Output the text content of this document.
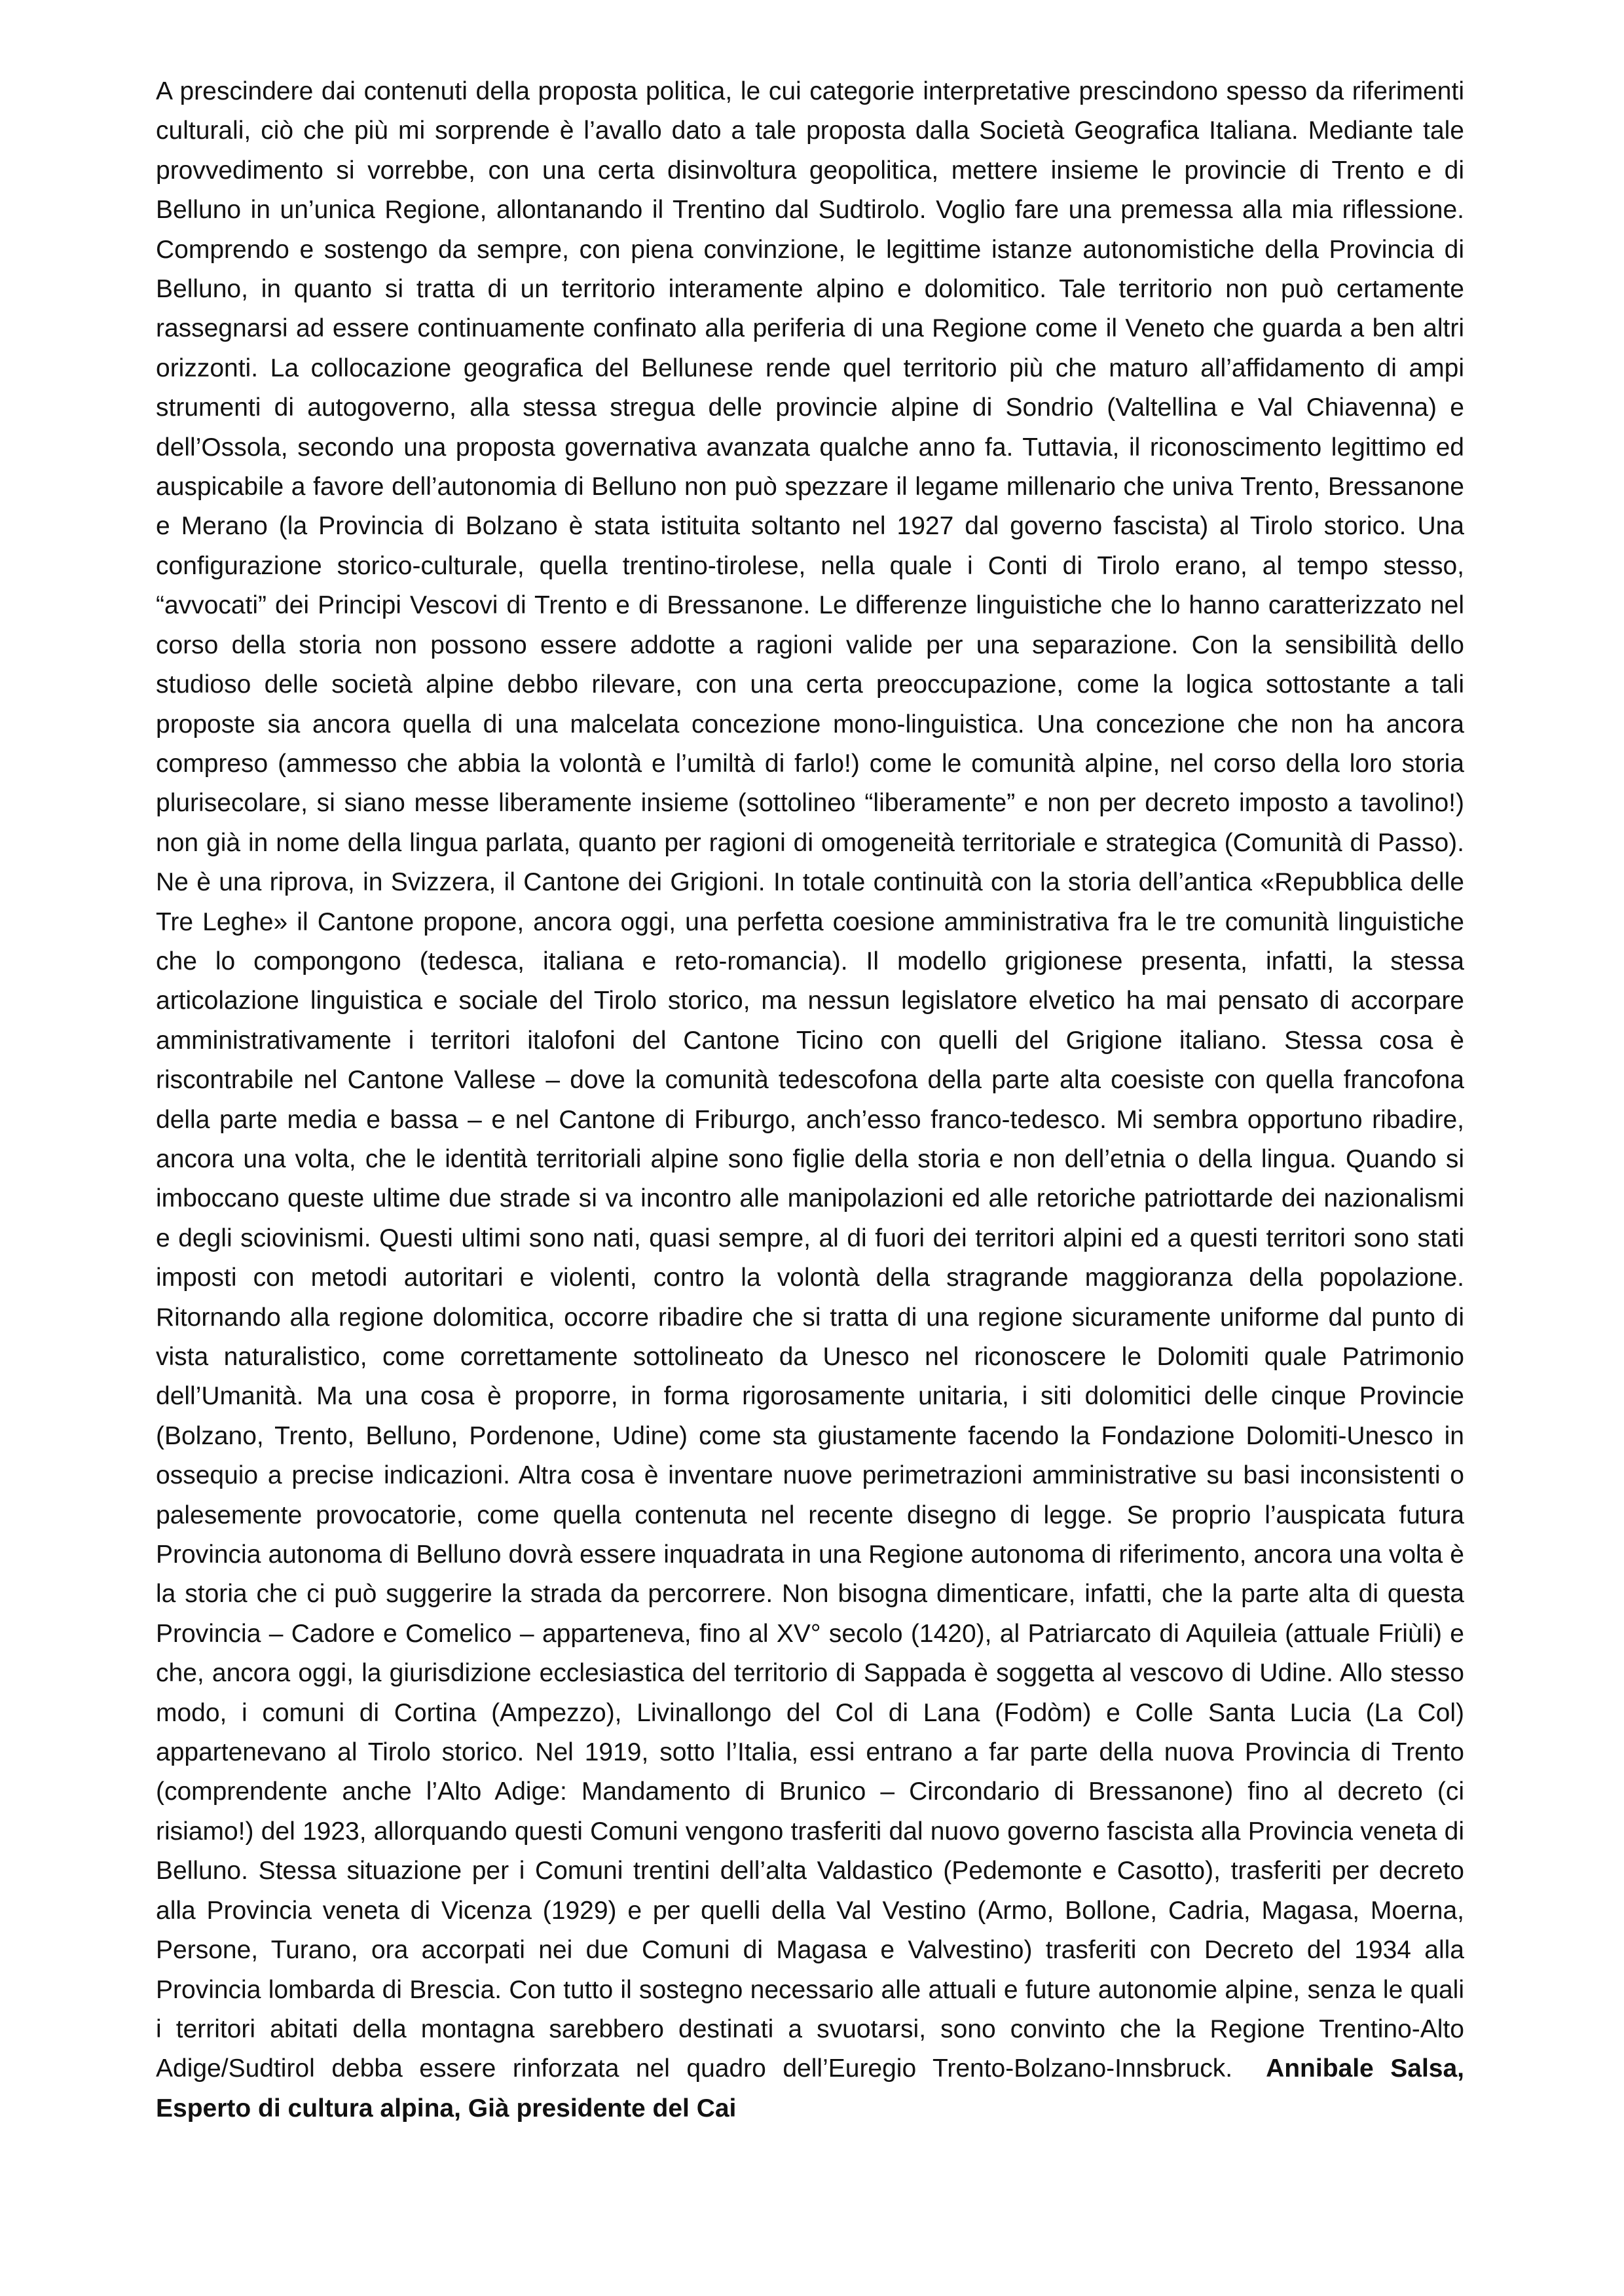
A prescindere dai contenuti della proposta politica, le cui categorie interpretative prescindono spesso da riferimenti culturali, ciò che più mi sorprende è l’avallo dato a tale proposta dalla Società Geografica Italiana. Mediante tale provvedimento si vorrebbe, con una certa disinvoltura geopolitica, mettere insieme le provincie di Trento e di Belluno in un’unica Regione, allontanando il Trentino dal Sudtirolo. Voglio fare una premessa alla mia riflessione. Comprendo e sostengo da sempre, con piena convinzione, le legittime istanze autonomistiche della Provincia di Belluno, in quanto si tratta di un territorio interamente alpino e dolomitico. Tale territorio non può certamente rassegnarsi ad essere continuamente confinato alla periferia di una Regione come il Veneto che guarda a ben altri orizzonti. La collocazione geografica del Bellunese rende quel territorio più che maturo all’affidamento di ampi strumenti di autogoverno, alla stessa stregua delle provincie alpine di Sondrio (Valtellina e Val Chiavenna) e dell’Ossola, secondo una proposta governativa avanzata qualche anno fa. Tuttavia, il riconoscimento legittimo ed auspicabile a favore dell’autonomia di Belluno non può spezzare il legame millenario che univa Trento, Bressanone e Merano (la Provincia di Bolzano è stata istituita soltanto nel 1927 dal governo fascista) al Tirolo storico. Una configurazione storico-culturale, quella trentino-tirolese, nella quale i Conti di Tirolo erano, al tempo stesso, “avvocati” dei Principi Vescovi di Trento e di Bressanone. Le differenze linguistiche che lo hanno caratterizzato nel corso della storia non possono essere addotte a ragioni valide per una separazione. Con la sensibilità dello studioso delle società alpine debbo rilevare, con una certa preoccupazione, come la logica sottostante a tali proposte sia ancora quella di una malcelata concezione mono-linguistica. Una concezione che non ha ancora compreso (ammesso che abbia la volontà e l’umiltà di farlo!) come le comunità alpine, nel corso della loro storia plurisecolare, si siano messe liberamente insieme (sottolineo “liberamente” e non per decreto imposto a tavolino!) non già in nome della lingua parlata, quanto per ragioni di omogeneità territoriale e strategica (Comunità di Passo). Ne è una riprova, in Svizzera, il Cantone dei Grigioni. In totale continuità con la storia dell’antica «Repubblica delle Tre Leghe» il Cantone propone, ancora oggi, una perfetta coesione amministrativa fra le tre comunità linguistiche che lo compongono (tedesca, italiana e reto-romancia). Il modello grigionese presenta, infatti, la stessa articolazione linguistica e sociale del Tirolo storico, ma nessun legislatore elvetico ha mai pensato di accorpare amministrativamente i territori italofoni del Cantone Ticino con quelli del Grigione italiano. Stessa cosa è riscontrabile nel Cantone Vallese – dove la comunità tedescofona della parte alta coesiste con quella francofona della parte media e bassa – e nel Cantone di Friburgo, anch’esso franco-tedesco. Mi sembra opportuno ribadire, ancora una volta, che le identità territoriali alpine sono figlie della storia e non dell’etnia o della lingua. Quando si imboccano queste ultime due strade si va incontro alle manipolazioni ed alle retoriche patriottarde dei nazionalismi e degli sciovinismi. Questi ultimi sono nati, quasi sempre, al di fuori dei territori alpini ed a questi territori sono stati imposti con metodi autoritari e violenti, contro la volontà della stragrande maggioranza della popolazione. Ritornando alla regione dolomitica, occorre ribadire che si tratta di una regione sicuramente uniforme dal punto di vista naturalistico, come correttamente sottolineato da Unesco nel riconoscere le Dolomiti quale Patrimonio dell’Umanità. Ma una cosa è proporre, in forma rigorosamente unitaria, i siti dolomitici delle cinque Provincie (Bolzano, Trento, Belluno, Pordenone, Udine) come sta giustamente facendo la Fondazione Dolomiti-Unesco in ossequio a precise indicazioni. Altra cosa è inventare nuove perimetrazioni amministrative su basi inconsistenti o palesemente provocatorie, come quella contenuta nel recente disegno di legge. Se proprio l’auspicata futura Provincia autonoma di Belluno dovrà essere inquadrata in una Regione autonoma di riferimento, ancora una volta è la storia che ci può suggerire la strada da percorrere. Non bisogna dimenticare, infatti, che la parte alta di questa Provincia – Cadore e Comelico – apparteneva, fino al XV° secolo (1420), al Patriarcato di Aquileia (attuale Friùli) e che, ancora oggi, la giurisdizione ecclesiastica del territorio di Sappada è soggetta al vescovo di Udine. Allo stesso modo, i comuni di Cortina (Ampezzo), Livinallongo del Col di Lana (Fodòm) e Colle Santa Lucia (La Col) appartenevano al Tirolo storico. Nel 1919, sotto l’Italia, essi entrano a far parte della nuova Provincia di Trento (comprendente anche l’Alto Adige: Mandamento di Brunico – Circondario di Bressanone) fino al decreto (ci risiamo!) del 1923, allorquando questi Comuni vengono trasferiti dal nuovo governo fascista alla Provincia veneta di Belluno. Stessa situazione per i Comuni trentini dell’alta Valdastico (Pedemonte e Casotto), trasferiti per decreto alla Provincia veneta di Vicenza (1929) e per quelli della Val Vestino (Armo, Bollone, Cadria, Magasa, Moerna, Persone, Turano, ora accorpati nei due Comuni di Magasa e Valvestino) trasferiti con Decreto del 1934 alla Provincia lombarda di Brescia. Con tutto il sostegno necessario alle attuali e future autonomie alpine, senza le quali i territori abitati della montagna sarebbero destinati a svuotarsi, sono convinto che la Regione Trentino-Alto Adige/Sudtirol debba essere rinforzata nel quadro dell’Euregio Trento-Bolzano-Innsbruck. Annibale Salsa, Esperto di cultura alpina, Già presidente del Cai
